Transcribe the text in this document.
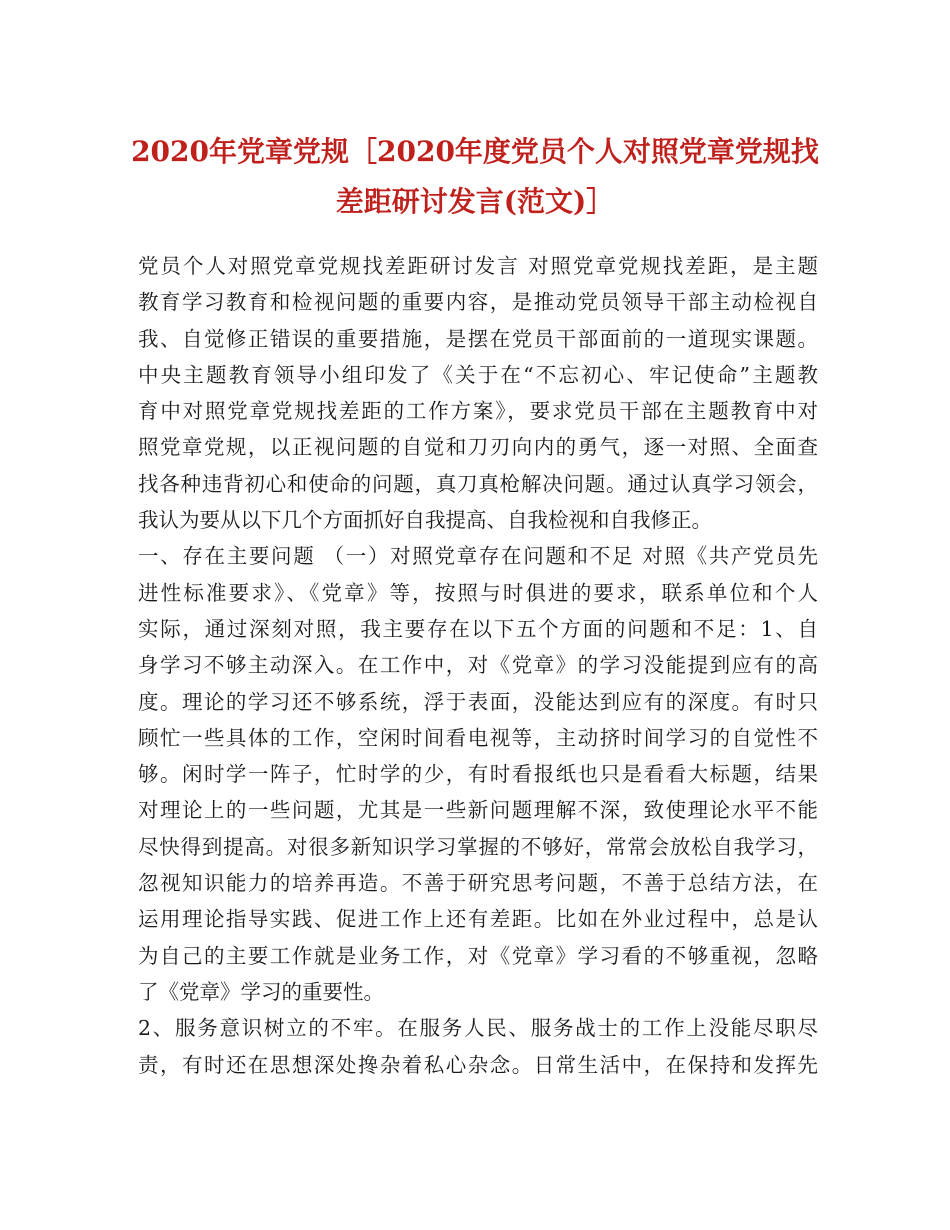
2020年党章党规［2020年度党员个人对照党章党规找
差距研讨发言(范文)］
党员个人对照党章党规找差距研讨发言 对照党章党规找差距，是主题
教育学习教育和检视问题的重要内容，是推动党员领导干部主动检视自
我、自觉修正错误的重要措施，是摆在党员干部面前的一道现实课题。
中央主题教育领导小组印发了《关于在“不忘初心、牢记使命”主题教
育中对照党章党规找差距的工作方案》，要求党员干部在主题教育中对
照党章党规，以正视问题的自觉和刀刃向内的勇气，逐一对照、全面查
找各种违背初心和使命的问题，真刀真枪解决问题。通过认真学习领会，
我认为要从以下几个方面抓好自我提高、自我检视和自我修正。
一、存在主要问题 （一）对照党章存在问题和不足 对照《共产党员先
进性标准要求》、《党章》等，按照与时俱进的要求，联系单位和个人
实际，通过深刻对照，我主要存在以下五个方面的问题和不足：1、自
身学习不够主动深入。在工作中，对《党章》的学习没能提到应有的高
度。理论的学习还不够系统，浮于表面，没能达到应有的深度。有时只
顾忙一些具体的工作，空闲时间看电视等，主动挤时间学习的自觉性不
够。闲时学一阵子，忙时学的少，有时看报纸也只是看看大标题，结果
对理论上的一些问题，尤其是一些新问题理解不深，致使理论水平不能
尽快得到提高。对很多新知识学习掌握的不够好，常常会放松自我学习，
忽视知识能力的培养再造。不善于研究思考问题，不善于总结方法，在
运用理论指导实践、促进工作上还有差距。比如在外业过程中，总是认
为自己的主要工作就是业务工作，对《党章》学习看的不够重视，忽略
了《党章》学习的重要性。
2、服务意识树立的不牢。在服务人民、服务战士的工作上没能尽职尽
责，有时还在思想深处搀杂着私心杂念。日常生活中，在保持和发挥先
